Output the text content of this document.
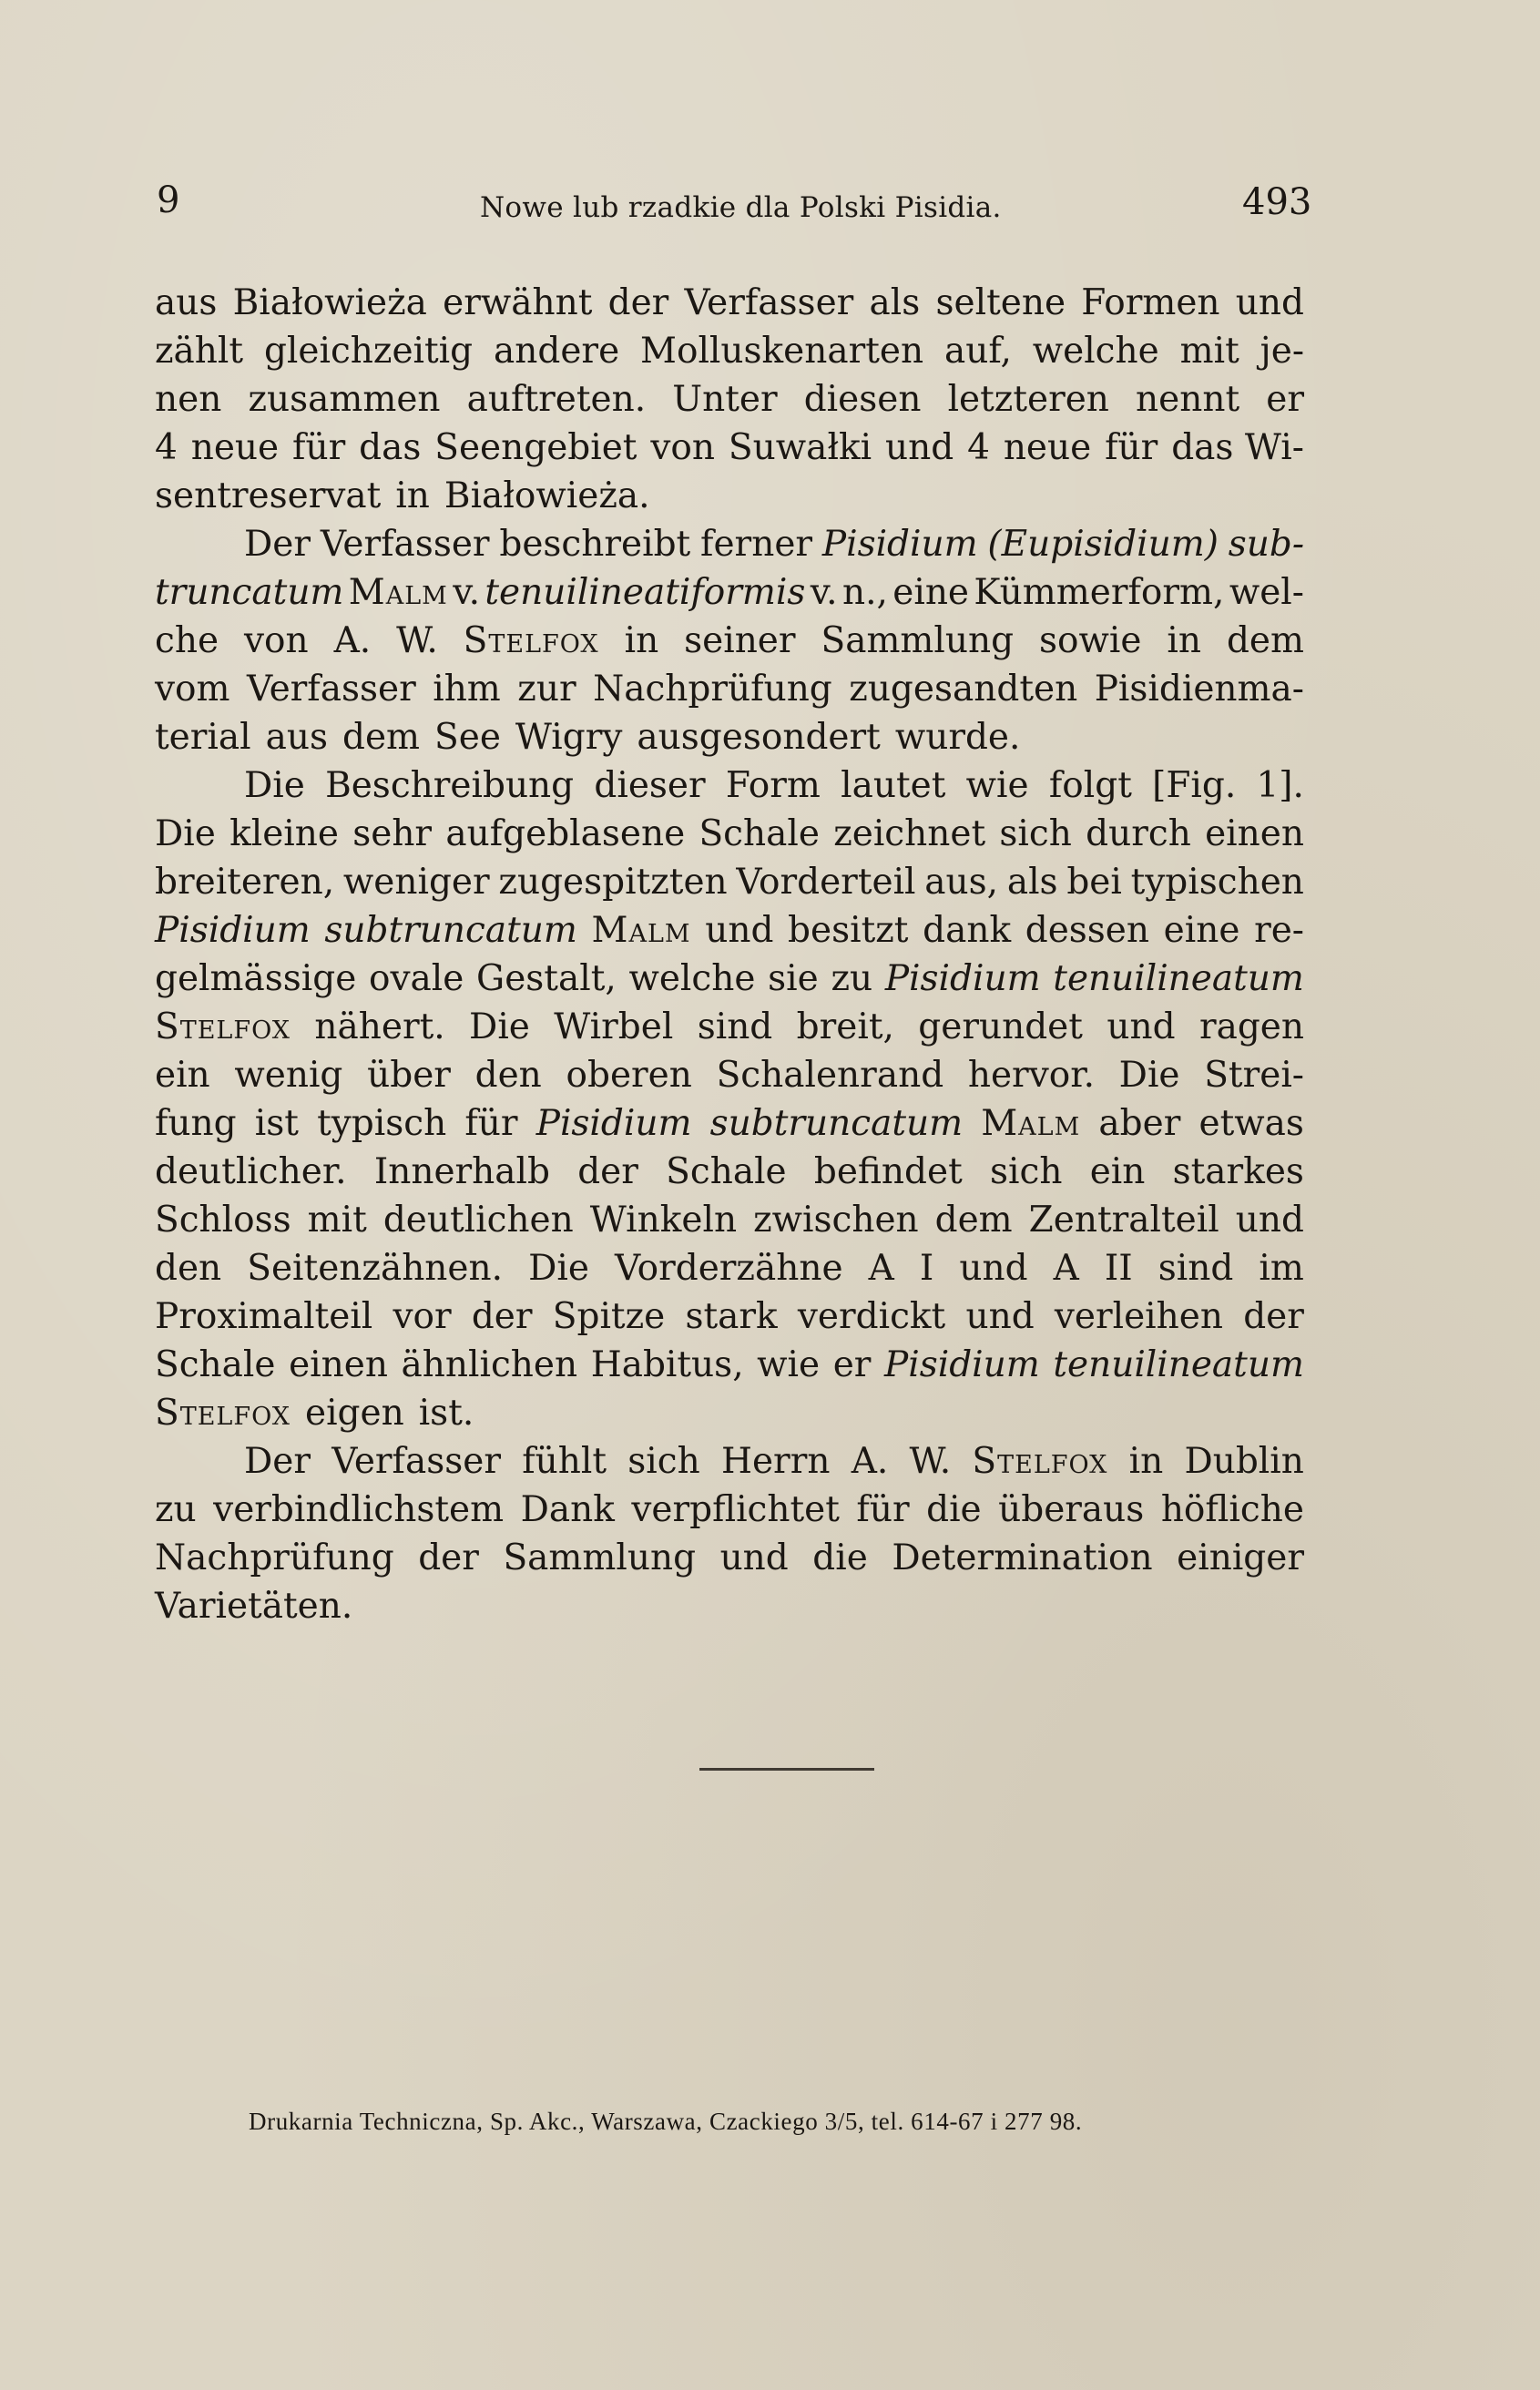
9	Nowe lub rzadkie dla Polski Pisidia.	493
aus Białowieża erwähnt der Verfasser als seltene Formen und
zählt gleichzeitig andere Molluskenarten auf, welche mit je-
nen zusammen auftreten. Unter diesen letzteren nennt er
4 neue für das Seengebiet von Suwałki und 4 neue für das Wi-
sentreservat in Białowieża.
Der Verfasser beschreibt ferner Pisidium (Eupisidium) sub-
truncatum Malm v. tenuilineatiformis v. n., eine Kümmerform, wel-
che von A. W. Stelfox in seiner Sammlung sowie in dem
vom Verfasser ihm zur Nachprüfung zugesandten Pisidienma-
terial aus dem See Wigry ausgesondert wurde.
Die Beschreibung dieser Form lautet wie folgt [Fig. 1].
Die kleine sehr aufgeblasene Schale zeichnet sich durch einen
breiteren, weniger zugespitzten Vorderteil aus, als bei typischen
Pisidium subtruncatum Malm und besitzt dank dessen eine re-
gelmässige ovale Gestalt, welche sie zu Pisidium tenuilineatum
Stelfox nähert. Die Wirbel sind breit, gerundet und ragen
ein wenig über den oberen Schalenrand hervor. Die Strei-
fung ist typisch für Pisidium subtruncatum Malm aber etwas
deutlicher. Innerhalb der Schale befindet sich ein starkes
Schloss mit deutlichen Winkeln zwischen dem Zentralteil und
den Seitenzähnen. Die Vorderzähne A I und A II sind im
Proximalteil vor der Spitze stark verdickt und verleihen der
Schale einen ähnlichen Habitus, wie er Pisidium tenuilineatum
Stelfox eigen ist.
Der Verfasser fühlt sich Herrn A. W. Stelfox in Dublin
zu verbindlichstem Dank verpflichtet für die überaus höfliche
Nachprüfung der Sammlung und die Determination einiger
Varietäten.
Drukarnia Techniczna, Sp. Akc., Warszawa, Czackiego 3/5, tel. 614-67 i 277 98.
